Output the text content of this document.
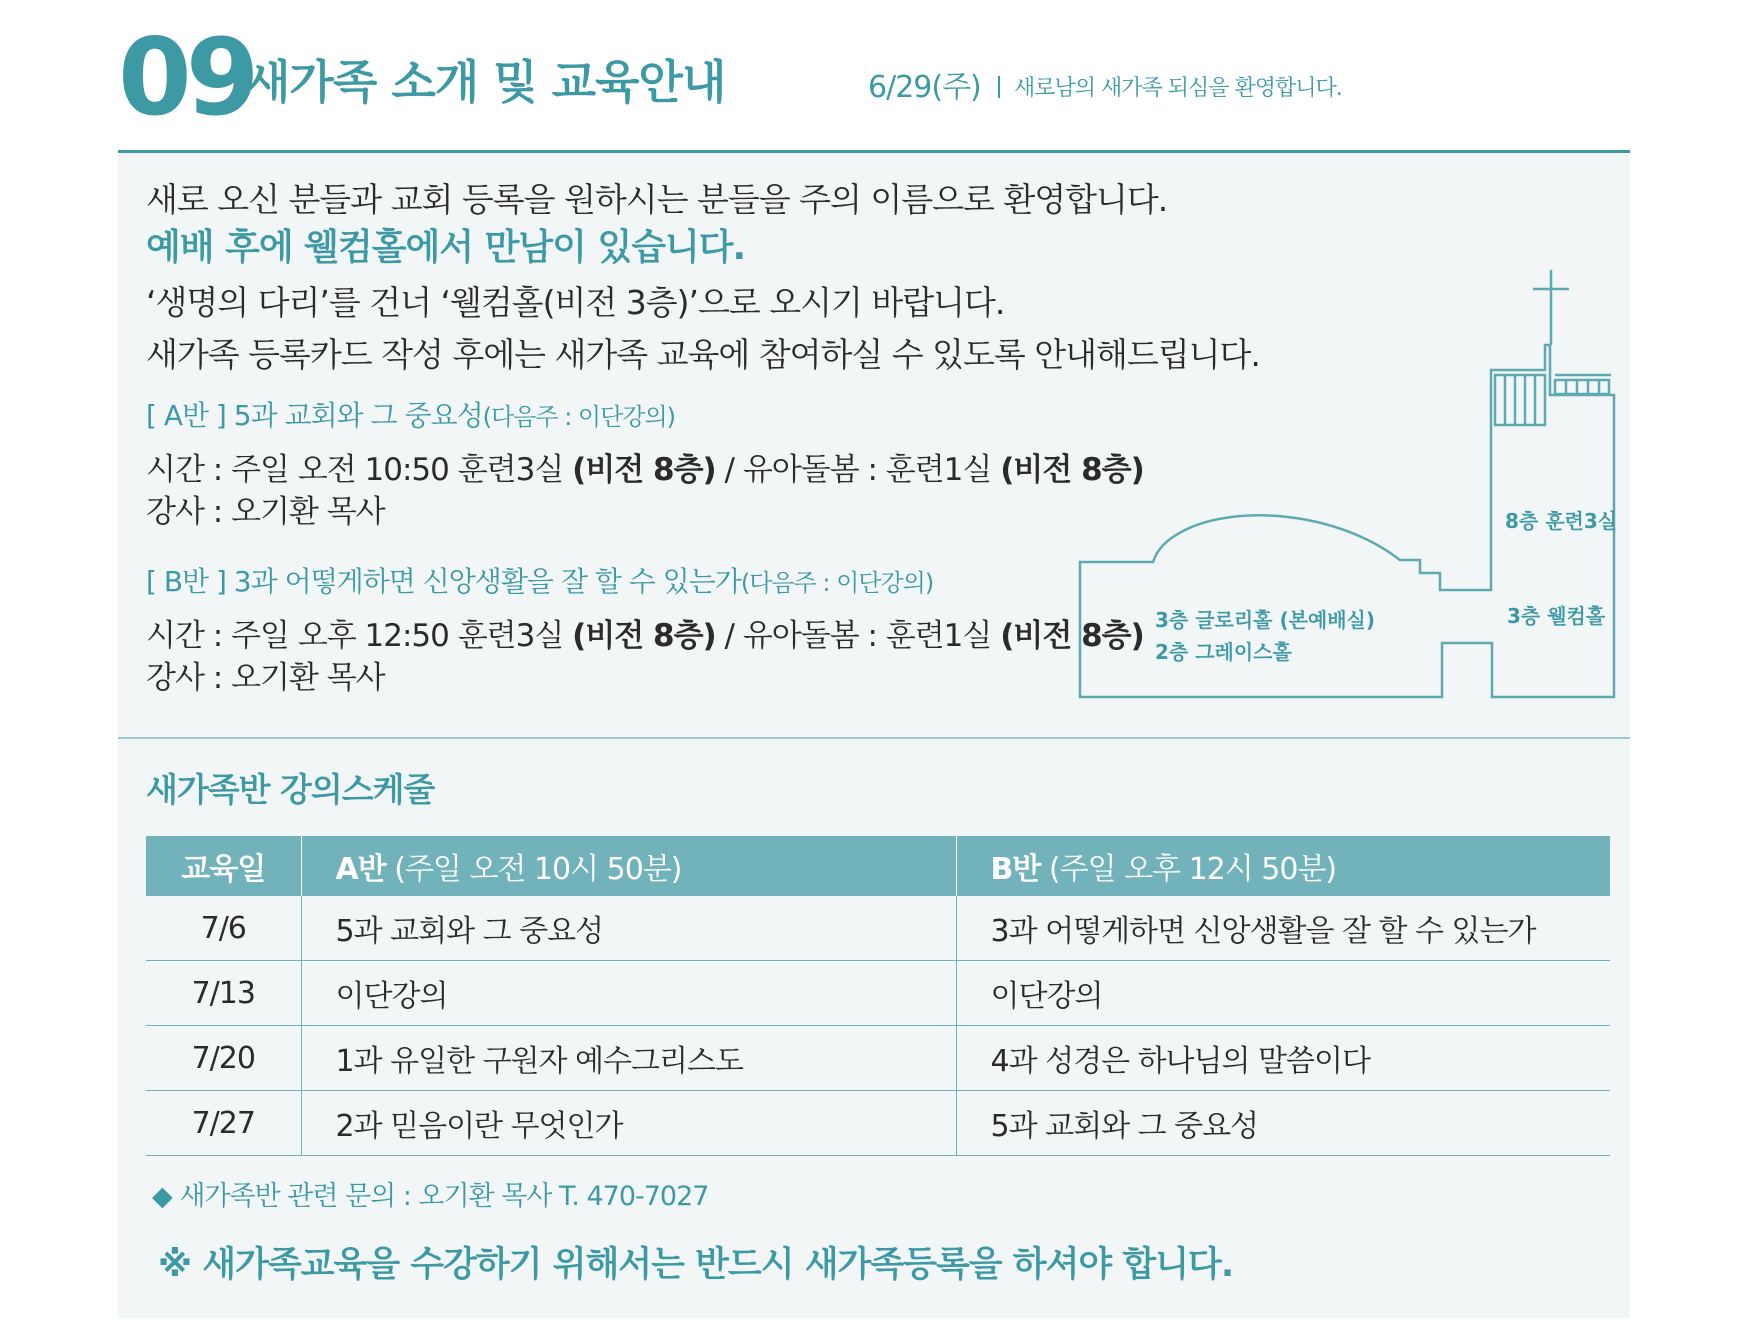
09
새가족 소개 및 교육안내	6/29(주) 새로남의 새가족 되심을 환영합니다.
새로 오신 분들과 교회 등록을 원하시는 분들을 주의 이름으로 환영합니다.
예배 후에 웰컴홀에서 만남이 있습니다.
‘생명의 다리’를 건너 ‘웰컴홀(비전 3층)’으로 오시기 바랍니다.
새가족 등록카드 작성 후에는 새가족 교육에 참여하실 수 있도록 안내해드립니다.
[ A반 ] 5과 교회와 그 중요성(다음주 : 이단강의)
시간 : 주일 오전 10:50 훈련3실 (비전 8층) / 유아돌봄 : 훈련1실 (비전 8층)
강사 : 오기환 목사
[ B반 ] 3과 어떻게하면 신앙생활을 잘 할 수 있는가(다음주 : 이단강의)
시간 : 주일 오후 12:50 훈련3실 (비전 8층) / 유아돌봄 : 훈련1실 (비전 8층)
강사 : 오기환 목사
8층 훈련3실
3층 웰컴홀
3층 글로리홀 (본예배실)
2층 그레이스홀
새가족반 강의스케줄
교육일	A반 (주일 오전 10시 50분)	B반 (주일 오후 12시 50분)
7/6	5과 교회와 그 중요성	3과 어떻게하면 신앙생활을 잘 할 수 있는가
7/13	이단강의	이단강의
7/20	1과 유일한 구원자 예수그리스도	4과 성경은 하나님의 말씀이다
7/27	2과 믿음이란 무엇인가	5과 교회와 그 중요성
◆ 새가족반 관련 문의 : 오기환 목사 T. 470-7027
※ 새가족교육을 수강하기 위해서는 반드시 새가족등록을 하셔야 합니다.
